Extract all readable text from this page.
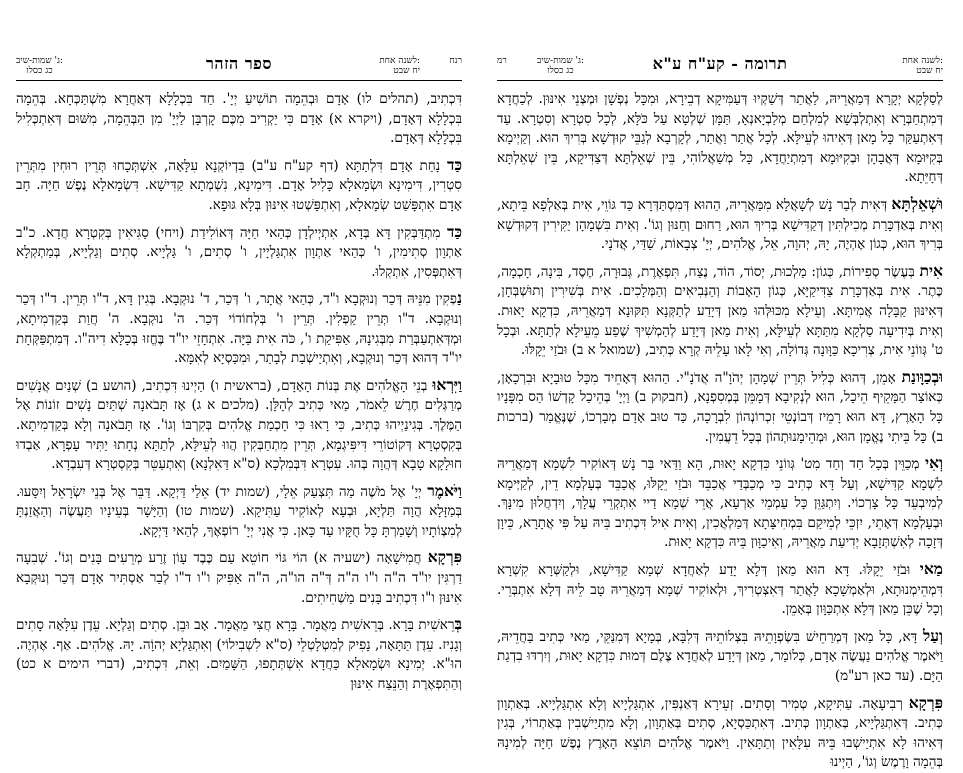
ג' שמות-שיב:
כג כסלו	ספר הזהר	לשנה אחת:
יח שבט
רנח

דִּכְתִיב, (תהלים לו) אָדָם וּבְהֵמָה תוֹשִׁיעַ יְיָ'. חַד בִּכְלָלָא דְּאַחֲרָא מִשְׁתַּכְּחָא. בְּהֵמָה בִּכְלָלָא דְּאָדָם, (ויקרא א) אָדָם כִּי יַקְרִיב מִכֶּם קָרְבָּן לַיְיָ' מִן הַבְּהֵמָה, מִשּׁוּם דְּאִתְכְּלִיל בִּכְלָלָא דְּאָדָם.

כַּד נָחַת אָדָם דִּלְתַתָּא (דף קע"ח ע"ב) בִּדְיוֹקְנָא עִלָּאָה, אִשְׁתְּכָחוּ תְּרֵין רוּחִין מִתְּרֵין סִטְרִין, דִּימִינָא וּשְׂמָאלָא כָּלִיל אָדָם. דִּימִינָא, נִשְׁמְתָא קַדִּישָׁא. דִּשְׂמָאלָא נֶפֶשׁ חַיָּה. חָב אָדָם אִתְפָּשַׁט שְׂמָאלָא, וְאִתְפָּשְׁטוּ אִינּוּן בְּלָא גּוּפָא.

כַּד מִתְדַּבְּקִין דָּא בְּדָא, אִתְיְילְדָן כְּהַאי חַיָּה דְּאוֹלִידַת (ויחי) סַגִּיאִין בְּקִטְרָא חֲדָא. כ"ב אַתְוָון סְתִימִין, ו' כְּהַאי אַתְוָון אִתְגַּלְיָין, ו' סְתִים, ו' גַּלְיָיא. סְתִים וְגַלְיָיא, בְּמַתְקְלָא דְּאִתְפְּסִין, אִתְקְלוּ.

נַפְקִין מִנֵּיהּ דְּכַר וְנוּקְבָא ו"ד, כְּהַאי אֲתָר, ו' דְּכַר, ד' נוּקְבָא. בְּגִין דָּא, ד"ו תְּרֵין. ד"ו דְּכַר וְנוּקְבָא. ד"ו תְּרֵין קַפְלִין. תְּרֵין ו' בְּלְחוֹדוֹי דְּכַר. ה' נוּקְבָא. ה' חֲוַת בְּקַדְמִיתָא, וּמְדְּאִתְעַבְּרַת מִבְּגִינָהּ, אַפִּיקַת ו', כֹּה אִית בַּיָּה. אִתְחָזֵי יו"ד בֶּחֱזוּ בְּכָלָּא דִיה"ו. דְּמִתְפַּקְּחָת יו"ד דְּהוּא דְּכַר וְנוּקְבָא, וְאִתְיַישְׁבַת לְבָתַר, וּמִכַּסְיָא לְאִמָּא.

וַיִּרְאוּ בְנֵי הָאֱלֹהִים אֶת בְּנוֹת הָאָדָם, (בראשית ו) הַיְינוּ דִּכְתִיב, (הושע ב) שְׁנַיִם אֲנָשִׁים מְרַגְּלִים חֶרֶשׁ לֵאמֹר, מַאי כְּתִיב לְהָלָּן. (מלכים א ג) אָז תָּבֹאנָה שְׁתַּיִם נָשִׁים זוֹנוֹת אֶל הַמֶּלֶךְ. בְּגִינַיְיהוּ כְּתִיב, כִּי רָאוּ כִּי חָכְמַת אֱלֹהִים בְּקִרְבּוֹ וְגוֹ'. אָז תָּבֹאנָה וְלָא בְּקַדְמִיתָא. בְּקִסְטְרָא דְּקוֹטוֹרֵי דִּיפִּיגְמָא, תְּרֵין מִתְחַבְּקִין הֲווּ לְעֵילָּא, לְתַתָּא נְחָתוּ יַתִּיר עָפְרָא, אַבְדוּ חוּלָקָא טָבָא דְּהֲוָה בְּהוּ. עִטְרָא דִּבְּמִלְכָא (ס"א דַּאִלְנָא) וְאִתְעַטֵּר בְּקִסְטְרָא דְּעִבְדָא.

וַיֹּאמֶר יְיָ' אֶל מֹשֶׁה מַה תִּצְעַק אֵלָי, (שמות יד) אֵלַי דַּיְקָא. דַּבֵּר אֶל בְּנֵי יִשְׂרָאֵל וְיִסָּעוּ. בְּמַזָּלָא הֲוָה תַּלְיָא, וּבְעָא לְאוֹקִיר עַתִּיקָא. (שמות טו) וְהַיָּשָׁר בְּעֵינָיו תַּעֲשֶׂה וְהַאֲזַנְתָּ לְמִצְוֹתָיו וְשָׁמַרְתָּ כָּל חֻקָּיו עַד כָּאן. כִּי אֲנִי יְיָ' רוֹפְאֶךָ, לְהַאי דַּיְקָא.

פִּרְקָא חֲמִישָׁאָה (ישעיה א) הוֹי גּוֹי חוֹטֵא עַם כֶּבֶד עָוֹן זֶרַע מְרֵעִים בָּנִים וְגוֹ'. שְׁבִעָה דַרְגִּין יו"ד ה"ה ו"ו ה"ה דְּ"ה הו"ה, ה"ה אַפִּיק ו"ו ד"ו לְבַר אַסְתִּיר אָדָם דְּכַר וְנוּקְבָא אִינּוּן ו"ו דִּכְתִיב בָּנִים מַשְׁחִיתִים.

בְּרֵאשִׁית בָּרָא. בְּרֵאשִׁית מַאֲמָר. בָּרָא חֲצִי מַאֲמָר. אָב וּבֵן. סְתִים וְגַלְיָא. עֵדֶן עִלָּאָה סָתִים וְגָנִיז. עֵדֶן תַּתָּאָה, נָפִיק לְמִטְלָטְלֵי (ס"א לִשְׁבִילוֹי) וְאִתְגַּלְיָא יְהוָֹה. יָהּ. אֱלֹהִים. אַף. אֶהְיֶה. הוּ"א. יְמִינָא וּשְׂמָאלָא כַּחֲדָא אִשְׁתְּתָפוּ, הַשָּׁמַיִם. וְאֵת, דִּכְתִיב, (דברי הימים א כט) וְהַתִּפְאֶרֶת וְהַנֵּצַח אִינּוּן

רמ	ג' שמות-שיב:
כג כסלו	תרומה - קע"ח ע"א	לשנה אחת:
יח שבט

לְסַלְּקָא יְקָרָא דְּמַאֲרֵיהּ, לַאֲתַר דְּשַׁקְיוּ דְּעַמִּיקָא דְבֵירָא, וּמִכָּל נְפְשָׁן וּמְצְנֵי אִינּוּן. לְכַחֲדָא דְּמִתְחַבְּרָא וְאִתְלְבְּשָׁא לְמִלְחַם מְלַבְיָאנְאָ, תַּמָּן שְׁלְטָא עַל כֹּלָּא, לְכָל סִטְרָא וְסִטְרָא. עַד דְּאִתְעַקַּר כָּל מָאן דְּאִיהוּ לְעֵילָּא. לְכָל אֲתַר וַאֲתַר, לְקָרְבָא לְגַבֵּי קוּדְשָׁא בְּרִיךְ הוּא. וְקַיְימָא בְּקִיּוּמָא דְּאֲבָהָן וּבְקִיּוּמָא דְּמִתְיַחֲדָא, כָּל מְשַׁאֲלוֹהִי, בֵּין שְׁאֵלְתָּא דְּצַדִּיקָא, בֵּין שְׁאֵלְתָּא דְּחָיֵּתָא.

וּשְׁאֵלְתָּא דְּאִית לְבַר נָשׁ לְשָׁאֲלָא מִמַּאֲרֵיהּ, הַהוּא דְּמִסְתַּדְּרָא כַּד גּוֹוֵי, אִית בְּאַלְפָא בֵּיתָא, וְאִית בְּאַדְכָּרַת מְכִילְתִּין דְּקַדִּישָׁא בְּרִיךְ הוּא, רַחוּם וְחַנּוּן וְגוֹ'. וְאִית בִּשְׁמָהָן יַקִּירִין דְּקוּדְשָׁא בְּרִיךְ הוּא, כְּגוֹן אֶהְיֶה, יָהּ, יְהוָה, אֵל, אֱלֹהִים, יְיָ' צְבָאוֹת, שַׁדַּי, אֲדֹנָי.

אִית בְּעֶשֶׂר סְפִירוֹת, כְּגוֹן: מַלְכוּת, יְסוֹד, הוֹד, נֶצַח, תִּפְאֶרֶת, גְּבוּרָה, חֶסֶד, בִּינָה, חָכְמָה, כֶּתֶר. אִית בְּאַדְכָּרַת צַדִּיקַיָּא, כְּגוֹן הָאָבוֹת וְהַנְּבִיאִים וְהַמְּלָכִים. אִית בְּשִׁירִין וְתוּשְׁבְּחָן, דְּאִינּוּן קַבָּלָה אֲמִיתָּא. וְעֵילָא מִכּוּלְּהוּ מַאן דְּיָדַע לְתַקְּנָא תִּקּוּנָא דְּמַאֲרֵיהּ, כִּדְקָא יָאוּת. וְאִית בְּיִדִיעָה סַלְקָא מִתַּתָּא לְעֵילָּא, וְאִית מַאן דְּיָדַע לְהַמְשִׁיךְ שֶׁפַע מֵעֵילָא לְתַתָּא. וּבְכָל ט' גְּווֹנֵי אִית, צְרִיכָא כַּוָּונָה גְּדוֹלָה, וְאִי לָאו עָלֵיהּ קְרָא כְּתִיב, (שמואל א ב) וּבֹזַי יֵקָלּוּ.

וּבְכַוָּונַת אָמֵן, דְּהוּא כְּלִיל תְּרֵין שְׁמָהָן יְהֹוָ"ה אֲדֹנָ"י. הַהוּא דְּאָחֵיד מִכָּל טוּבָיָא וּבִרְכָאָן, כְּאוֹצַר הַמָּקֵיף הֵיכָל, הוּא לְנְקִיבָא דְּמָמֵּן בְּמְסִפְנָא, (חבקוק ב) וַיְיָ' בְּהֵיכַל קָדְשׁוֹ הַס מִפָּנָיו כָּל הָאָרֶץ, דָּא הוּא רָמֵיז דְּבוֹנְטֵי זִכְרוֹנְהוֹן לִבְרָכָה, כַּד טוּב אָדָם מְבָרְכוֹ, שֶׁנֶּאֱמַר (ברכות ב) כָּל בֵּיתִי נֶאֱמָן הוּא, וּמְהֵימָנוּתְהוֹן בְּכָל דֵעֲמִין.

וְאִי מְכַוֵּין בְּכָל חַד וְחַד מִט' גְּווֹנֵי כִּדְקָא יָאוּת, הָא וַדַּאי בַּר נָשׁ דְּאוֹקִיר לִשְׁמָא דְּמַאֲרֵיהּ לִשְׁמָא קַדִּישָׁא, וְעַל דָּא כְּתִיב כִּי מְכַבְּדַי אֲכַבֵּד וּבֹזַי יֵקָלּוּ, אֲכַבֵּד בְּעָלְמָא דֵין, לְקַיְּימָא לְמִיבְעֵד כָּל צָרְכוֹי. וְיִתְגַּוֵּן כָּל עַמְמֵי אַרְעָא, אֲרֵי שְׁמָא דַיי אִתְקְרֵי עֲלָךְ, וְיִדְחֲלוּן מִינָּךְ. וּבְעָלְמָא דְּאָתֵי, יִזְכֵּי לְמֵיקַם בִּמְחִיצָּתָא דְּמַלְאֲכִין, וְאִית אִיל דִּכְתִיב בֵּיהּ עַל פִּי אֲתָרָא, כֵּיוָן דְּזָכָה לְאִשְׁתְּזָבָא יְדִיעַת מַאֲרֵיהּ, וְאִיכַוָּון בֵּיהּ כִּדְקָא יָאוּת.

מַאי וּבֹזַי יֵקָלּוּ. דָּא הוּא מַאן דְּלָא יָדַע לְאַחֲדָא שְׁמָא קַדִּישָׁא, וּלְקַשְּׁרָא קִשְׁרָא דִּמְהֵימְנוּתָא, וּלְאַמְשָׁכָא לַאֲתַר דְּאִצְטְרִיךְ, וּלְאוֹקִיר שְׁמָא דְּמַאֲרֵיהּ טָב לֵיהּ דְּלָא אִתְבְּרֵי. וְכָל שֶׁכֵּן מַאן דְּלָא אִתְכַּוָּון בְּאָמֵן.

וְעַל דָּא, כָּל מַאן דְּמְרַחֵישׁ בִּשְׂפְוָתֵיהּ בִּצְלוֹתֵיהּ דְּלִבָּא, בְּמָיָא דְּמִנַּקֵּי, מַאי כְּתִיב בַּחֲדֵיהּ, וַיֹּאמֶר אֱלֹהִים נַעֲשֶׂה אָדָם, כְּלוֹמַר, מַאן דְּיָדַע לְאַחֲדָא צֶלֶם דְּמוּת כִּדְקָא יָאוּת, וְיִרְדּוּ בִדְגַת הַיָּם. (עד כאן רע"מ)

פִּרְקָא רְבִיעָאָה. עַתִּיקָא, טְמִיר וְסָתִים. זְעֵירָא דְּאַנְפִּין, אִתְגַּלְיָיא וְלָא אִתְגַּלְיָיא. בְּאַתְוָון כְּתִיב. דְּאִתְגַּלְיָיא, בְּאַתְוָון כְּתִיב. דְּאִתְכַּסְיָא, סְתִים בְּאַתְוָון, וְלָא מִתְיַישְׁבִין בְּאַתְרוֹי, בְּגִין דְּאִיהוּ לָא אִתְיַישְׁבוּ בֵּיהּ עִלָּאִין וְתַתָּאִין. וַיֹּאמֶר אֱלֹהִים תּוֹצֵא הָאָרֶץ נֶפֶשׁ חַיָּה לְמִינָהּ בְּהֵמָה וָרֶמֶשׂ וְגוֹ', הַיְינוּ
